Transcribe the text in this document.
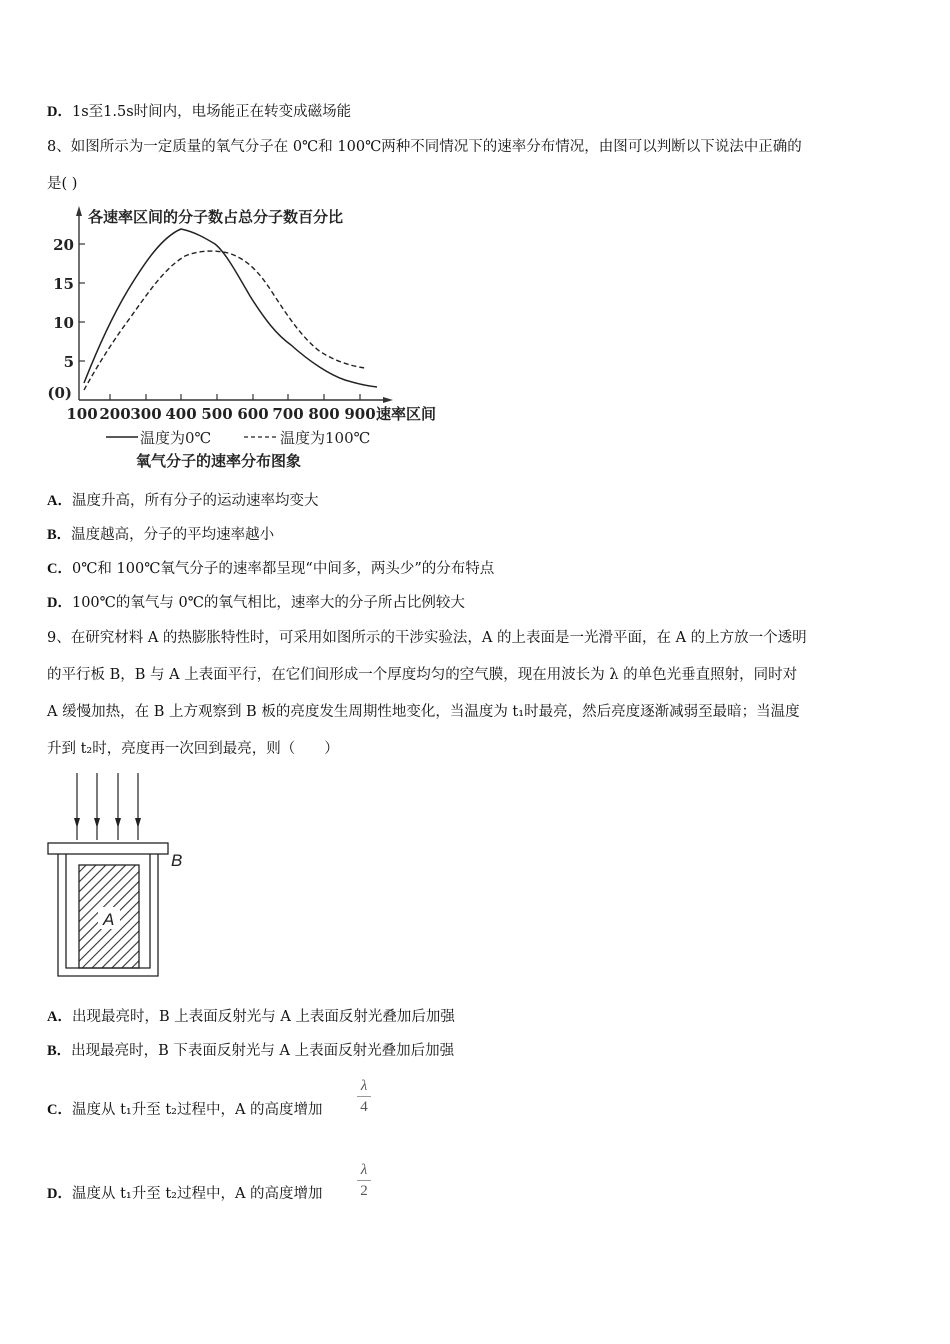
D．1s至1.5s时间内，电场能正在转变成磁场能
8、如图所示为一定质量的氧气分子在 0℃和 100℃两种不同情况下的速率分布情况，由图可以判断以下说法中正确的
是( )
各速率区间的分子数占总分子数百分比
20
15
10
5
(0)
100 200 300 400 500 600 700 800 900 速率区间
温度为0℃	温度为100℃
氧气分子的速率分布图象
A．温度升高，所有分子的运动速率均变大
B．温度越高，分子的平均速率越小
C．0℃和 100℃氧气分子的速率都呈现“中间多，两头少”的分布特点
D．100℃的氧气与 0℃的氧气相比，速率大的分子所占比例较大
9、在研究材料 A 的热膨胀特性时，可采用如图所示的干涉实验法，A 的上表面是一光滑平面，在 A 的上方放一个透明
的平行板 B，B 与 A 上表面平行，在它们间形成一个厚度均匀的空气膜，现在用波长为 λ 的单色光垂直照射，同时对
A 缓慢加热，在 B 上方观察到 B 板的亮度发生周期性地变化，当温度为 t₁时最亮，然后亮度逐渐减弱至最暗；当温度
升到 t₂时，亮度再一次回到最亮，则（　　）
B
A
A．出现最亮时，B 上表面反射光与 A 上表面反射光叠加后加强
B．出现最亮时，B 下表面反射光与 A 上表面反射光叠加后加强
C．温度从 t₁升至 t₂过程中，A 的高度增加
λ
4
D．温度从 t₁升至 t₂过程中，A 的高度增加
λ
2
